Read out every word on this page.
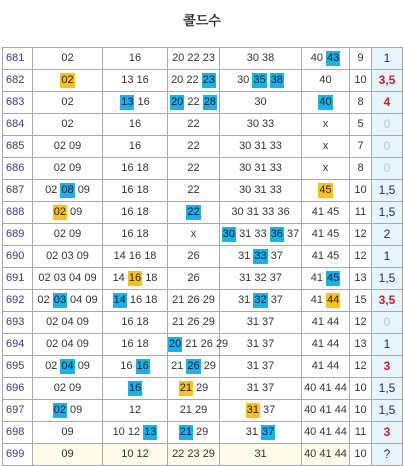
콜드수
681	02	16	20 22 23	30 38	40 43	9	1
682	02	13 16	20 22 23	30 35 38	40	10	3,5
683	02	13 16	20 22 28	30	40	8	4
684	02	16	22	30 33	x	5	0
685	02 09	16	22	30 31 33	x	7	0
686	02 09	16 18	22	30 31 33	x	8	0
687	02 08 09	16 18	22	30 31 33	45	10	1,5
688	02 09	16 18	22	30 31 33 36	41 45	11	1,5
689	02 09	16 18	x	30 31 33 36 37	41 45	12	2
690	02 03 09	14 16 18	26	31 33 37	41 45	12	1
691	02 03 04 09	14 16 18	26	31 32 37	41 45	13	1,5
692	02 03 04 09	14 16 18	21 26 29	31 32 37	41 44	15	3,5
693	02 04 09	16 18	21 26 29	31 37	41 44	12	0
694	02 04 09	16 18	20 21 26 29	31 37	41 44	13	1
695	02 04 09	16 16	21 26 29	31 37	41 44	12	3
696	02 09	16	21 29	31 37	40 41 44	10	1,5
697	02 09	12	21 29	31 37	40 41 44	10	1,5
698	09	10 12 13	21 29	31 37	40 41 44	11	3
699	09	10 12	22 23 29	31	40 41 44	10	?
